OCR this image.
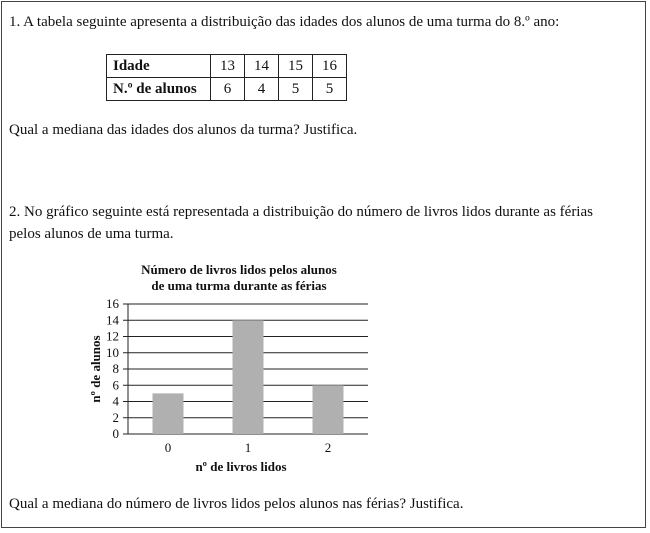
1. A tabela seguinte apresenta a distribuição das idades dos alunos de uma turma do 8.º ano:
Idade	13	14	15	16
N.º de alunos	6	4	5	5
Qual a mediana das idades dos alunos da turma? Justifica.
2. No gráfico seguinte está representada a distribuição do número de livros lidos durante as férias
pelos alunos de uma turma.
Número de livros lidos pelos alunos
de uma turma durante as férias
0
2
4
6
8
10
12
14
16
0	1	2
nº de livros lidos
nº de alunos
Qual a mediana do número de livros lidos pelos alunos nas férias? Justifica.
